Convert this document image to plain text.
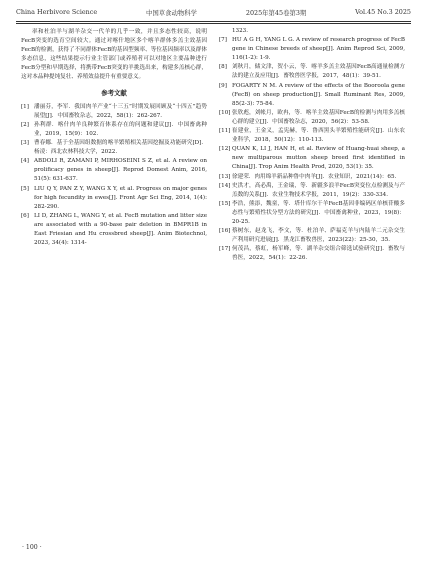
China Herbivore Science	中国草食动物科学	2025年第45卷第3期	Vol.45 No.3 2025

率和杜泊羊与湖羊杂交一代羊的几乎一致，并且多态性较高，说明FecB突变的选育空间较大。通过对喀什地区多个喀羊群体多羔主效基因FecB的检测，获得了不同群体FecB的基因型频率、等位基因频率以及群体多态信息，这些结果提示行业主管部门或养殖者可以对地区主要品种进行FecB分型和早期选择，将携带FecB突变的羊挑选出来，构建多羔核心群，这对本品种提纯复壮、养殖效益提升有重要意义。

参考文献
[1] 潘丽芬，李军．我国肉羊产业“十三五”时期发展回顾及“十四五”趋势展望[J]．中国畜牧杂志，2022，58(1)：262-267.
[2] 孙利群．喀什肉羊良种繁育体系存在的问题和建议[J]．中国畜禽种业，2019，15(9)：102.
[3] 曹春娜．基于全基因组数据的喀羊繁殖相关基因挖掘及功能研究[D]．杨凌：西北农林科技大学，2022.
[4] ABDOLI R, ZAMANI P, MIRHOSEINI S Z, et al. A review on prolificacy genes in sheep[J]. Reprod Domest Anim, 2016, 51(5): 631-637.
[5] LIU Q Y, PAN Z Y, WANG X Y, et al. Progress on major genes for high fecundity in ewes[J]. Front Agr Sci Eng, 2014, 1(4): 282-290.
[6] LI D, ZHANG L, WANG Y, et al. FecB mutation and litter size are associated with a 90-base pair deletion in BMPR1B in East Friesian and Hu crossbred sheep[J]. Anim Biotechnol, 2023, 34(4): 1314-

1323.

[7] HU A G H, YANG L G. A review of research progress of FecB gene in Chinese breeds of sheep[J]. Anim Reprod Sci, 2009, 116(1-2): 1-9.
[8] 刘秋月，储文津，贺小云，等．喀羊多羔主效基因FecB高通量检测方法的建立及应用[J]．畜牧兽医学报，2017，48(1)：39-51.
[9] FOGARTY N M. A review of the effects of the Booroola gene (FecB) on sheep production[J]. Small Ruminant Res, 2009, 85(2-3): 75-84.
[10] 张欣彪，刘帐月，欧冉，等．喀羊主效基因FecB的检测与肉用多羔核心群的建立[J]．中国畜牧杂志，2020，56(2)：53-58.
[11] 崔建业，王金义，孟宪赫，等．鲁西黑头羊繁殖性能研究[J]．山东农业科学，2018，50(12)：110-113.
[12] QUAN K, LI J, HAN H, et al. Review of Huang-huai sheep, a new multiparous mutton sheep breed first identified in China[J]. Trop Anim Health Prod, 2020, 53(1): 35.
[13] 徐建荣．肉用绵羊新品种鲁中肉羊[J]．农业知识，2021(14)：65.
[14] 史洪才，高必禹，王金瑞，等．新疆多浪羊FecB突变位点检测及与产羔数的关系[J]．农业生物技术学报，2011，19(2)：330-334.
[15] 李浩，熊添，魏童，等．塔什库尔干羊FecB基因非编码区单核苷酸多态性与繁殖性状分型方法的研究[J]．中国畜禽种业，2023，19(8)：20-25.
[16] 蔡树东，赵龙飞，李文，等．杜泊羊、萨福克羊与内陆羊二元杂交生产利用研究进展[J]．黑龙江畜牧兽医，2023(22)：25-30，35.
[17] 何茂昌，蔡虹，杨军峰，等．湖羊杂交组合筛选试验研究[J]．畜牧与兽医，2022，54(1)：22-26.
· 100 ·
